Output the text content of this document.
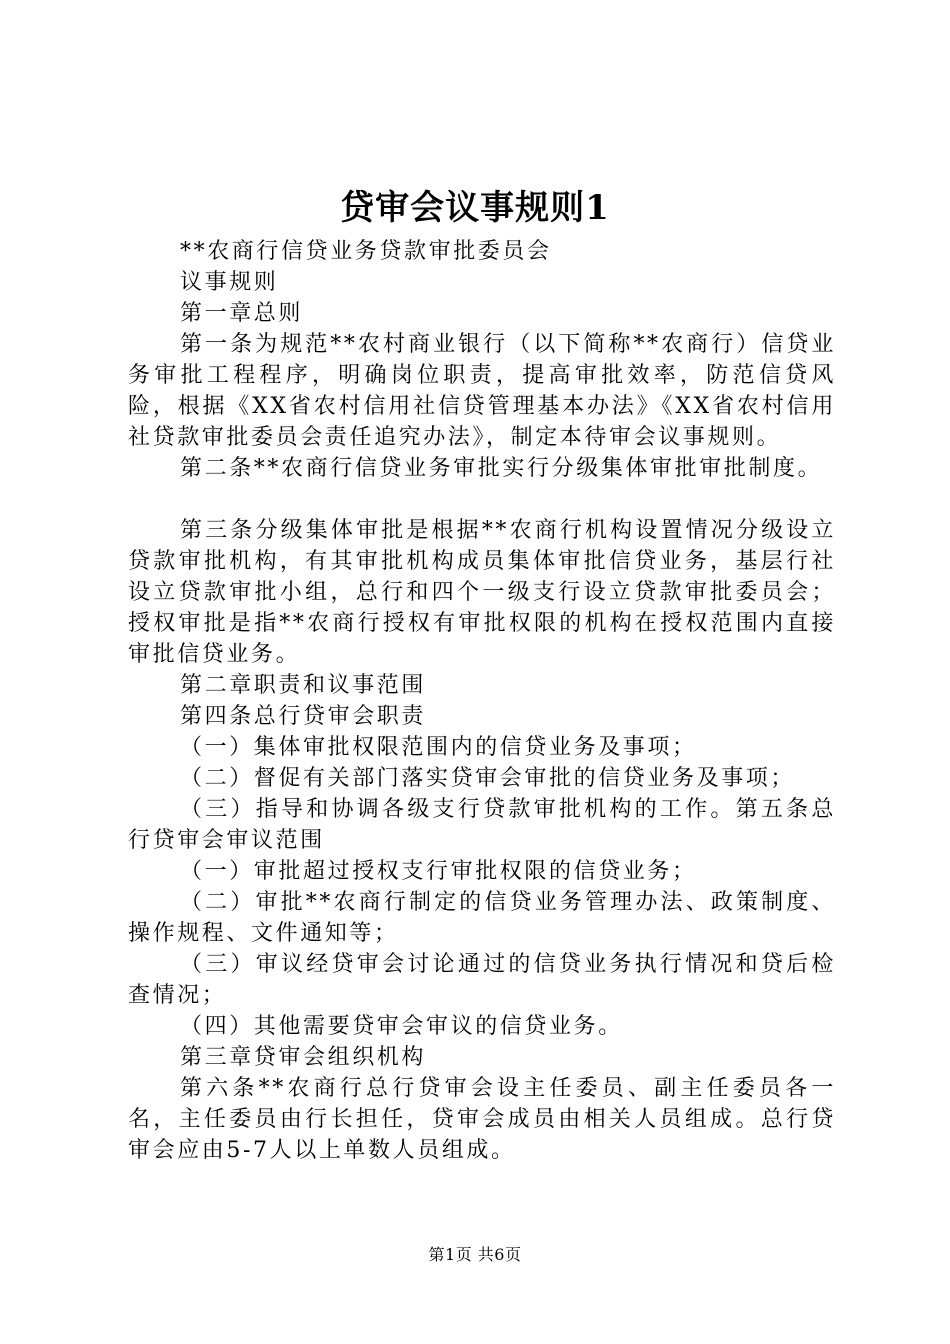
贷审会议事规则1

**农商行信贷业务贷款审批委员会

议事规则

第一章总则

第一条为规范**农村商业银行（以下简称**农商行）信贷业务审批工程程序，明确岗位职责，提高审批效率，防范信贷风险，根据《XX省农村信用社信贷管理基本办法》《XX省农村信用社贷款审批委员会责任追究办法》，制定本待审会议事规则。

第二条**农商行信贷业务审批实行分级集体审批审批制度。

第三条分级集体审批是根据**农商行机构设置情况分级设立贷款审批机构，有其审批机构成员集体审批信贷业务，基层行社设立贷款审批小组，总行和四个一级支行设立贷款审批委员会；授权审批是指**农商行授权有审批权限的机构在授权范围内直接审批信贷业务。

第二章职责和议事范围

第四条总行贷审会职责

（一）集体审批权限范围内的信贷业务及事项；

（二）督促有关部门落实贷审会审批的信贷业务及事项；

（三）指导和协调各级支行贷款审批机构的工作。第五条总行贷审会审议范围

（一）审批超过授权支行审批权限的信贷业务；

（二）审批**农商行制定的信贷业务管理办法、政策制度、操作规程、文件通知等；

（三）审议经贷审会讨论通过的信贷业务执行情况和贷后检查情况；

（四）其他需要贷审会审议的信贷业务。

第三章贷审会组织机构

第六条**农商行总行贷审会设主任委员、副主任委员各一名，主任委员由行长担任，贷审会成员由相关人员组成。总行贷审会应由5-7人以上单数人员组成。

第1页 共6页
